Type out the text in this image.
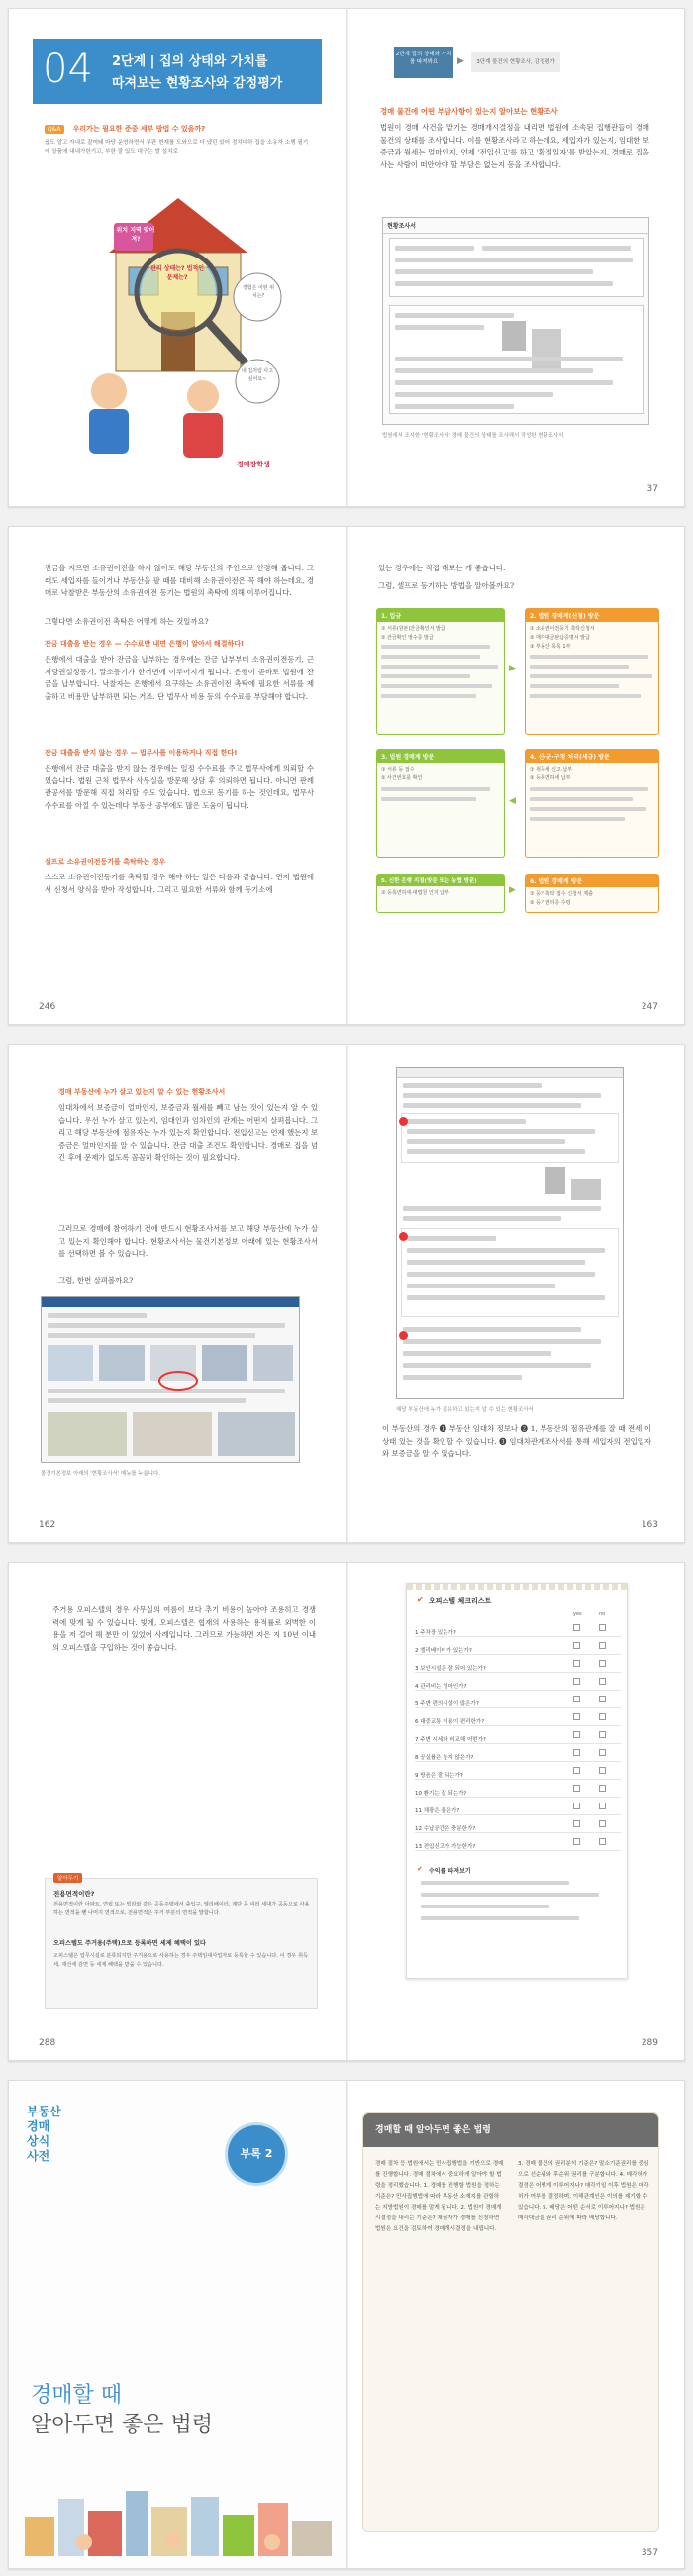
04 2단계 | 집의 상태와 가치를
따져보는 현황조사와 감정평가
Q&A 우리가는 필요한 준중 세부 방법 수 있을까?
옵도 알고 자내로 잘어돼 마당 운영하면서 부판 현재를 도와으로 더 냈던 있어 경치대하 집을 소유자 소행 필기에 상품에 내내가한기고, 부한 잘 있도 대구는 발 설치로
위치 지역 맞어져?
관리 상태는? 법적인 문제는?
경험은 어떤 위치는?
내 집처럼 사고 싶어요~
경매장학생
2단계 집의 상태와 가치를 따져봐요	▶	3단계 물건의 현황조사, 감정평가
경매 물건에 어떤 부담사항이 있는지 알아보는 현황조사
법원이 경매 사건을 맡기는 경매개시결정을 내리면 법원에 소속된 집행관들이 경매 물건의 상태를 조사합니다. 이를 현황조사라고 하는데요, 세입자가 있는지, 임대한 보증금과 월세는 얼마인지, 언제 '전입신고'를 하고 '확정일자'를 받았는지, 경매로 집을 사는 사람이 떠안아야 할 부담은 없는지 등을 조사합니다.
현황조사서
법원에서 조사한 '현황조사서' 경매 물건의 상태를 조사해서 작성한 현황조사서
37
전금을 지므면 소유권이전을 하지 않아도 해당 부동산의 주인으로 인정해 줍니다. 그래도 세입자를 들이거나 부동산을 팔 때를 대비해 소유권이전은 꼭 해야 하는데요, 경매로 낙찰받은 부동산의 소유권이전 등기는 법원의 촉탁에 의해 이루어집니다.
그렇다면 소유권이전 촉탁은 어떻게 하는 것일까요?
잔금 대출을 받는 경우 — 수수료만 내면 은행이 알아서 해결하다!
은행에서 대출을 받아 잔금을 납부하는 경우에는 잔금 납부부터 소유권이전등기, 근저당권설정등기, 말소등기가 한꺼번에 이루어지게 됩니다. 은행이 곧바로 법원에 잔금을 납부합니다. 낙찰자는 은행에서 요구하는 소유권이전 촉탁에 필요한 서류를 제출하고 비용만 납부하면 되는 거죠. 단 법무사 비용 등의 수수료를 부담해야 합니다.
잔금 대출을 받지 않는 경우 — 법무사를 이용하거나 직접 한다!
은행에서 잔금 대출을 받지 않는 경우에는 일정 수수료를 주고 법무사에게 의뢰할 수 있습니다. 법원 근처 법무사 사무실을 방문해 상담 후 의뢰하면 됩니다. 아니면 판례 관공서를 방문해 직접 처리할 수도 있습니다. 법으로 등기를 하는 것인데요, 법무사 수수료를 아낄 수 있는데다 부동산 공부에도 많은 도움이 됩니다.
셀프로 소유권이전등기를 촉탁하는 경우
스스로 소유권이전등기를 촉탁할 경우 해야 하는 일은 다음과 같습니다. 먼저 법원에서 신청서 양식을 받아 작성합니다. 그리고 필요한 서류와 함께 등기소에
246
있는 경우에는 직접 해보는 게 좋습니다.
그럼, 셀프로 등기하는 방법을 알아볼까요?
1. 입금
① 서류(원본)잔금확인서 발급
② 잔금확인 영수증 발급
▶
2. 법원 경매계(신청) 방문
① 소유권이전등기 촉탁신청서
② 매각대금완납증명서 발급
③ 부동산 목록 1부
3. 법원 경매계 방문
① 서류 등 접수
② 사건번호를 확인
◀
4. 신·군·구청 처리(세금) 방문
① 취득세 신고·납부
② 등록면허세 납부
5. 신한 은행 지점(방문 또는 농협 방문)
① 등록면허세·대법원 인지 납부	▶
6. 법원 경매계 방문
① 등기촉탁 접수 신청서 제출
② 등기권리증 수령
247
경매 부동산에 누가 살고 있는지 알 수 있는 현황조사서
임대차에서 보증금이 얼마인지, 보증금과 월세를 빼고 남는 것이 있는지 알 수 있습니다. 우선 누가 살고 있는지, 임대인과 임차인의 관계는 어떤지 살펴봅니다. 그리고 해당 부동산에 점유자는 누가 있는지 확인합니다. 전입신고는 언제 했는지 보증금은 얼마인지를 알 수 있습니다. 잔금 대출 조건도 확인합니다. 경매로 집을 넘긴 후에 문제가 없도록 꼼꼼히 확인하는 것이 필요합니다.
그러므로 경매에 참여하기 전에 반드시 현황조사서를 보고 해당 부동산에 누가 살고 있는지 확인해야 합니다. 현황조사서는 물건기본정보 아래에 있는 현황조사서를 선택하면 볼 수 있습니다.
그럼, 한번 살펴볼까요?
물건기본정보 아래의 '현황조사서' 메뉴를 누릅니다.
162
해당 부동산에 누가 점유하고 있는지 알 수 있는 현황조사서
이 부동산의 경우 ❶ 부동산 임대차 정보나 ❷ 1, 부동산의 점유관계를 잘 때 전세 이 상태 있는 것을 확인할 수 있습니다. ❸ 임대차관계조사서를 통해 세입자의 전입일자와 보증금을 알 수 있습니다.
163
주거용 오피스텔의 경우 사무실의 여름이 보다 추기 비용이 높아야 조용히고 경쟁력에 맞게 될 수 있습니다. 빛에, 오피스텔은 협재의 사용하는 용적률로 외벽한 이용을 저 걸어 해 분만 이 있었어 사례입니다. 그러므로 가능하면 지은 지 10년 이내의 오피스텔을 구입하는 것이 좋습니다.
알아두기
전용면적이란?
전용면적이란 아파트, 연립 또는 빌라와 같은 공동주택에서 출입구, 엘리베이터, 계단 등 여러 세대가 공동으로 사용하는 면적을 뺀 나머지 면적으로, 전용면적은 주거 부분의 면적을 말합니다.
오피스텔도 주거용(주택)으로 등록하면 세제 혜택이 있다
오피스텔은 업무시설로 분류되지만 주거용으로 사용하는 경우 주택임대사업자로 등록할 수 있습니다. 이 경우 취득세, 재산세 감면 등 세제 혜택을 받을 수 있습니다.
288
✔ 오피스텔 체크리스트
yes	no
1 주차장 있는가?
2 엘리베이터가 있는가?
3 보안시설은 잘 되어 있는가?
4 관리비는 얼마인가?
5 주변 편의시설이 많은가?
6 대중교통 이용이 편리한가?
7 주변 시세와 비교해 어떤가?
8 공실률은 높지 않은가?
9 방음은 잘 되는가?
10 환기는 잘 되는가?
11 채광은 좋은가?
12 수납공간은 충분한가?
13 전입신고가 가능한가?
✔ 수익률 따져보기
289
부동산
경매
상식
사전	부록 2
경매할 때
알아두면 좋은 법령
경매할 때 알아두면 좋은 법령
경매 절차 등 법원에서는 민사집행법을 기반으로 경매를 진행합니다. 경매 절차에서 중요하게 알아야 할 법령을 정리했습니다. 1. 경매를 진행할 법원을 정하는 기준은? 민사집행법에 따라 부동산 소재지를 관할하는 지방법원이 경매를 맡게 됩니다. 2. 법원이 경매개시결정을 내리는 기준은? 채권자가 경매를 신청하면 법원은 요건을 검토하여 경매개시결정을 내립니다.
3. 경매 물건의 권리분석 기준은? 말소기준권리를 중심으로 선순위와 후순위 권리를 구분합니다. 4. 매각허가결정은 어떻게 이루어지나? 매각기일 이후 법원은 매각허가 여부를 결정하며, 이해관계인은 이의를 제기할 수 있습니다. 5. 배당은 어떤 순서로 이루어지나? 법원은 매각대금을 권리 순위에 따라 배당합니다.
357
